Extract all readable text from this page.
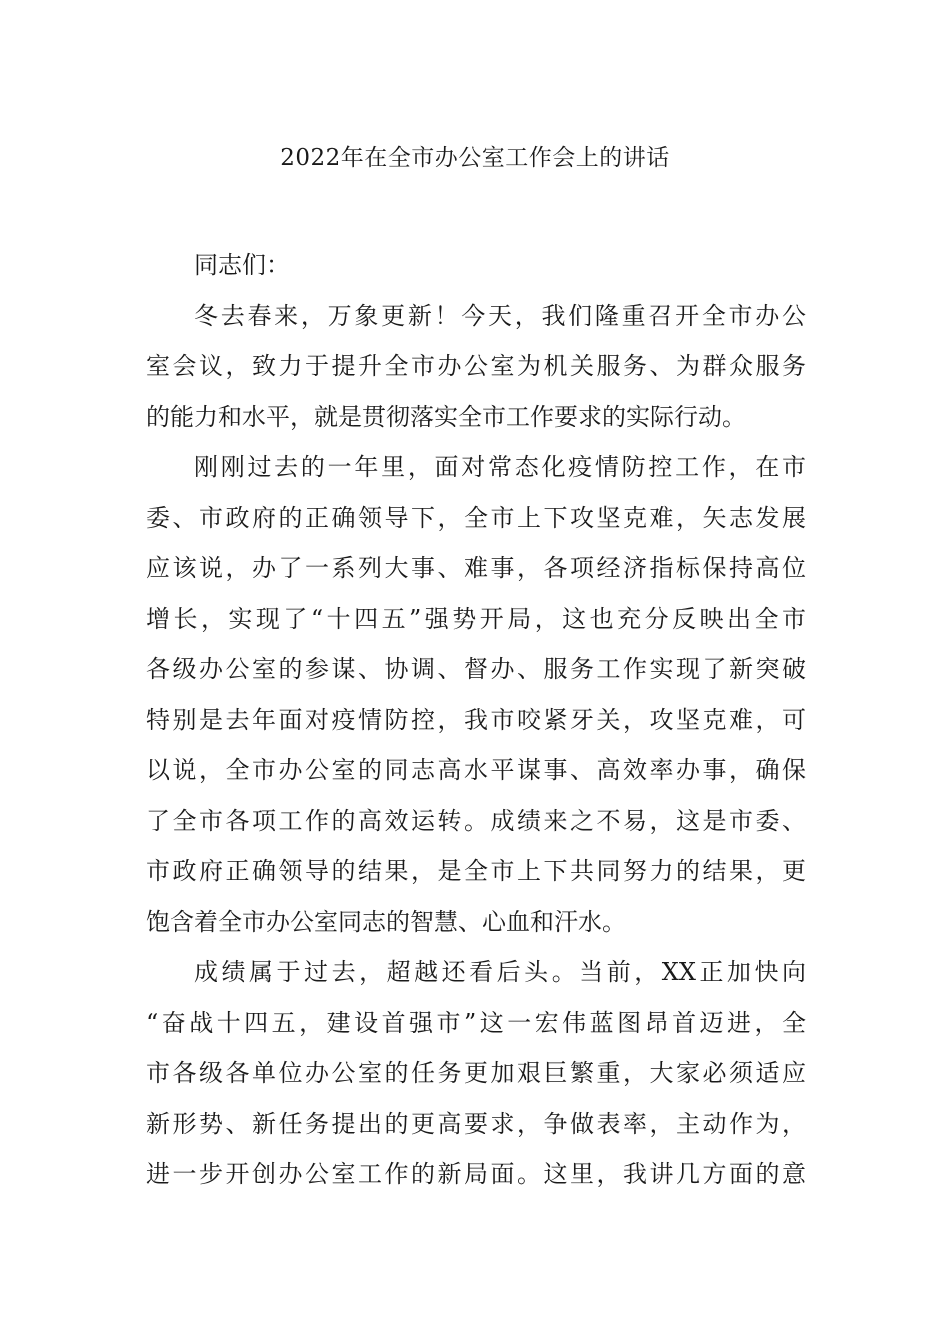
2022年在全市办公室工作会上的讲话
同志们：
冬去春来，万象更新！今天，我们隆重召开全市办公
室会议，致力于提升全市办公室为机关服务、为群众服务
的能力和水平，就是贯彻落实全市工作要求的实际行动。
刚刚过去的一年里，面对常态化疫情防控工作，在市
委、市政府的正确领导下，全市上下攻坚克难，矢志发展
应该说，办了一系列大事、难事，各项经济指标保持高位
增长，实现了“十四五”强势开局，这也充分反映出全市
各级办公室的参谋、协调、督办、服务工作实现了新突破
特别是去年面对疫情防控，我市咬紧牙关，攻坚克难，可
以说，全市办公室的同志高水平谋事、高效率办事，确保
了全市各项工作的高效运转。成绩来之不易，这是市委、
市政府正确领导的结果，是全市上下共同努力的结果，更
饱含着全市办公室同志的智慧、心血和汗水。
成绩属于过去，超越还看后头。当前，XX正加快向
“奋战十四五，建设首强市”这一宏伟蓝图昂首迈进，全
市各级各单位办公室的任务更加艰巨繁重，大家必须适应
新形势、新任务提出的更高要求，争做表率，主动作为，
进一步开创办公室工作的新局面。这里，我讲几方面的意
